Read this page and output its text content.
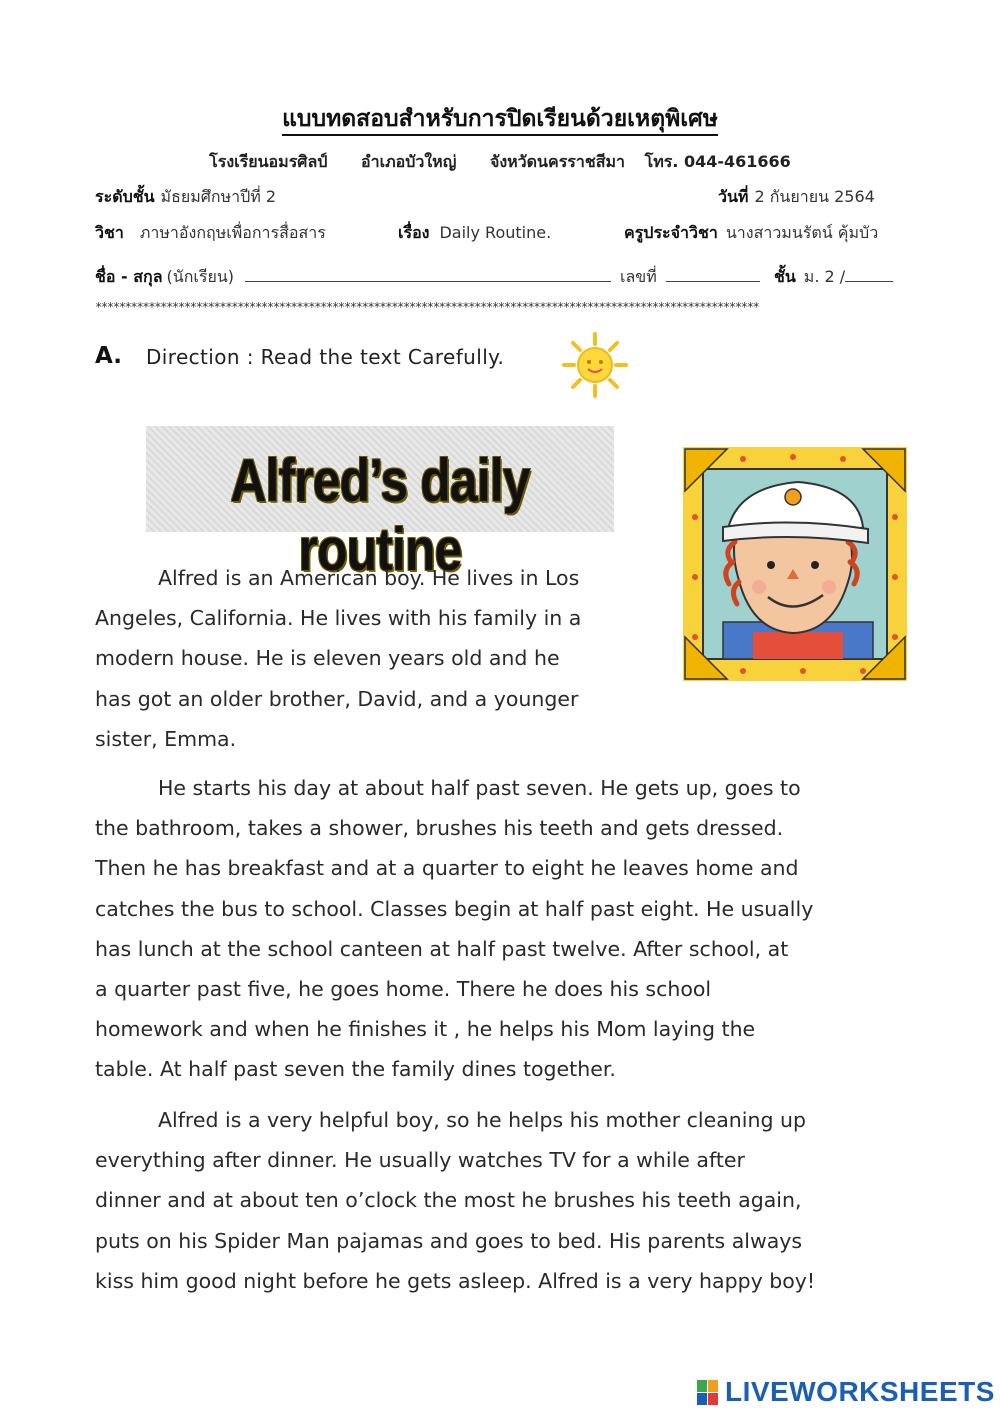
แบบทดสอบสำหรับการปิดเรียนด้วยเหตุพิเศษ
โรงเรียนอมรศิลป์ อำเภอบัวใหญ่ จังหวัดนครราชสีมา โทร. 044-461666
ระดับชั้น มัธยมศึกษาปีที่ 2	วันที่ 2 กันยายน 2564
วิชา ภาษาอังกฤษเพื่อการสื่อสาร	เรื่อง Daily Routine.	ครูประจำวิชา นางสาวมนรัตน์ คุ้มบัว
ชื่อ - สกุล (นักเรียน)	เลขที่	ชั้น ม. 2 /
****************************************************************************************************************
A. Direction : Read the text Carefully.
Alfred’s daily routine
Alfred is an American boy. He lives in Los
Angeles, California. He lives with his family in a
modern house. He is eleven years old and he
has got an older brother, David, and a younger
sister, Emma.
He starts his day at about half past seven. He gets up, goes to
the bathroom, takes a shower, brushes his teeth and gets dressed.
Then he has breakfast and at a quarter to eight he leaves home and
catches the bus to school. Classes begin at half past eight. He usually
has lunch at the school canteen at half past twelve. After school, at
a quarter past five, he goes home. There he does his school
homework and when he finishes it , he helps his Mom laying the
table. At half past seven the family dines together.
Alfred is a very helpful boy, so he helps his mother cleaning up
everything after dinner. He usually watches TV for a while after
dinner and at about ten o’clock the most he brushes his teeth again,
puts on his Spider Man pajamas and goes to bed. His parents always
kiss him good night before he gets asleep. Alfred is a very happy boy!
LIVEWORKSHEETS
